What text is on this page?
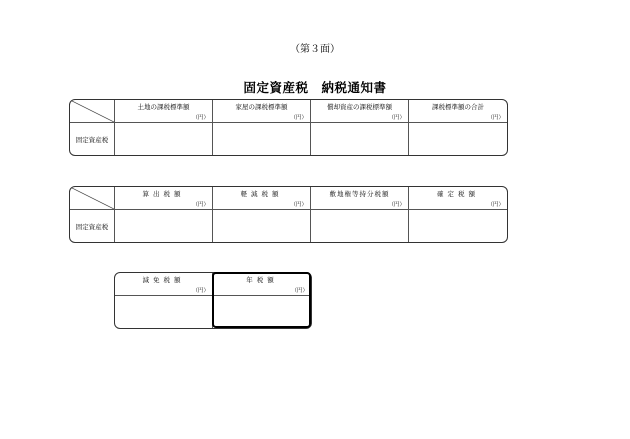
（第３面）
固定資産税　納税通知書
土地の課税標準額
（円）
家屋の課税標準額
（円）
償却資産の課税標準額
（円）
課税標準額の合計
（円）
固定資産税
算出税額
（円）
軽減税額
（円）
敷地権等持分税額
（円）
確定税額
（円）
固定資産税
減免税額
（円）
年税額
（円）
